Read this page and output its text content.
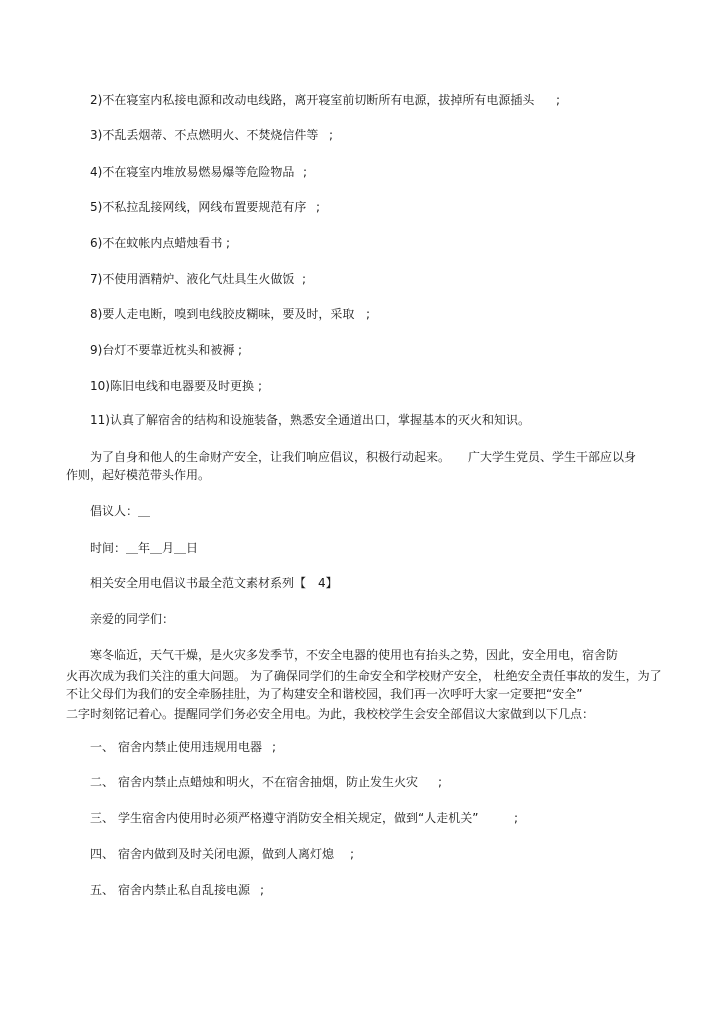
2)不在寝室内私接电源和改动电线路，离开寝室前切断所有电源，拔掉所有电源插头 ;
3)不乱丢烟蒂、不点燃明火、不焚烧信件等 ;
4)不在寝室内堆放易燃易爆等危险物品 ;
5)不私拉乱接网线，网线布置要规范有序 ;
6)不在蚊帐内点蜡烛看书 ;
7)不使用酒精炉、液化气灶具生火做饭 ;
8)要人走电断，嗅到电线胶皮糊味，要及时，采取 ;
9)台灯不要靠近枕头和被褥 ;
10)陈旧电线和电器要及时更换 ;
11)认真了解宿舍的结构和设施装备，熟悉安全通道出口，掌握基本的灭火和知识。
为了自身和他人的生命财产安全，让我们响应倡议，积极行动起来。 广大学生党员、学生干部应以身
作则，起好模范带头作用。
倡议人：＿
时间：＿年＿月＿日
相关安全用电倡议书最全范文素材系列【 4】
亲爱的同学们：
寒冬临近，天气干燥，是火灾多发季节，不安全电器的使用也有抬头之势，因此，安全用电，宿舍防
火再次成为我们关注的重大问题。 为了确保同学们的生命安全和学校财产安全， 杜绝安全责任事故的发生，为了
不让父母们为我们的安全牵肠挂肚，为了构建安全和谐校园，我们再一次呼吁大家一定要把“安全”
二字时刻铭记着心。提醒同学们务必安全用电。为此，我校校学生会安全部倡议大家做到以下几点：
一、 宿舍内禁止使用违规用电器 ;
二、 宿舍内禁止点蜡烛和明火，不在宿舍抽烟，防止发生火灾 ;
三、 学生宿舍内使用时必须严格遵守消防安全相关规定，做到“人走机关”	;
四、 宿舍内做到及时关闭电源，做到人离灯熄 ;
五、 宿舍内禁止私自乱接电源 ;
